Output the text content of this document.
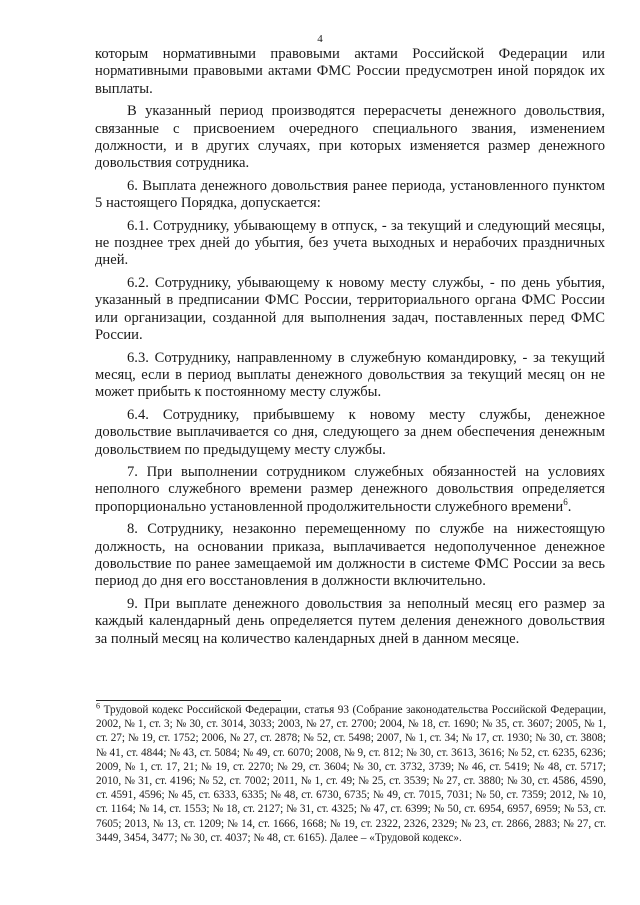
4

которым нормативными правовыми актами Российской Федерации или нормативными правовыми актами ФМС России предусмотрен иной порядок их выплаты.

В указанный период производятся перерасчеты денежного довольствия, связанные с присвоением очередного специального звания, изменением должности, и в других случаях, при которых изменяется размер денежного довольствия сотрудника.

6. Выплата денежного довольствия ранее периода, установленного пунктом 5 настоящего Порядка, допускается:

6.1. Сотруднику, убывающему в отпуск, - за текущий и следующий месяцы, не позднее трех дней до убытия, без учета выходных и нерабочих праздничных дней.

6.2. Сотруднику, убывающему к новому месту службы, - по день убытия, указанный в предписании ФМС России, территориального органа ФМС России или организации, созданной для выполнения задач, поставленных перед ФМС России.

6.3. Сотруднику, направленному в служебную командировку, - за текущий месяц, если в период выплаты денежного довольствия за текущий месяц он не может прибыть к постоянному месту службы.

6.4. Сотруднику, прибывшему к новому месту службы, денежное довольствие выплачивается со дня, следующего за днем обеспечения денежным довольствием по предыдущему месту службы.

7. При выполнении сотрудником служебных обязанностей на условиях неполного служебного времени размер денежного довольствия определяется пропорционально установленной продолжительности служебного времени$^6$.

8. Сотруднику, незаконно перемещенному по службе на нижестоящую должность, на основании приказа, выплачивается недополученное денежное довольствие по ранее замещаемой им должности в системе ФМС России за весь период до дня его восстановления в должности включительно.

9. При выплате денежного довольствия за неполный месяц его размер за каждый календарный день определяется путем деления денежного довольствия за полный месяц на количество календарных дней в данном месяце.

$^6$ Трудовой кодекс Российской Федерации, статья 93 (Собрание законодательства Российской Федерации, 2002, № 1, ст. 3; № 30, ст. 3014, 3033; 2003, № 27, ст. 2700; 2004, № 18, ст. 1690; № 35, ст. 3607; 2005, № 1, ст. 27; № 19, ст. 1752; 2006, № 27, ст. 2878; № 52, ст. 5498; 2007, № 1, ст. 34; № 17, ст. 1930; № 30, ст. 3808; № 41, ст. 4844; № 43, ст. 5084; № 49, ст. 6070; 2008, № 9, ст. 812; № 30, ст. 3613, 3616; № 52, ст. 6235, 6236; 2009, № 1, ст. 17, 21; № 19, ст. 2270; № 29, ст. 3604; № 30, ст. 3732, 3739; № 46, ст. 5419; № 48, ст. 5717; 2010, № 31, ст. 4196; № 52, ст. 7002; 2011, № 1, ст. 49; № 25, ст. 3539; № 27, ст. 3880; № 30, ст. 4586, 4590, ст. 4591, 4596; № 45, ст. 6333, 6335; № 48, ст. 6730, 6735; № 49, ст. 7015, 7031; № 50, ст. 7359; 2012, № 10, ст. 1164; № 14, ст. 1553; № 18, ст. 2127; № 31, ст. 4325; № 47, ст. 6399; № 50, ст. 6954, 6957, 6959; № 53, ст. 7605; 2013, № 13, ст. 1209; № 14, ст. 1666, 1668; № 19, ст. 2322, 2326, 2329; № 23, ст. 2866, 2883; № 27, ст. 3449, 3454, 3477; № 30, ст. 4037; № 48, ст. 6165). Далее – «Трудовой кодекс».
